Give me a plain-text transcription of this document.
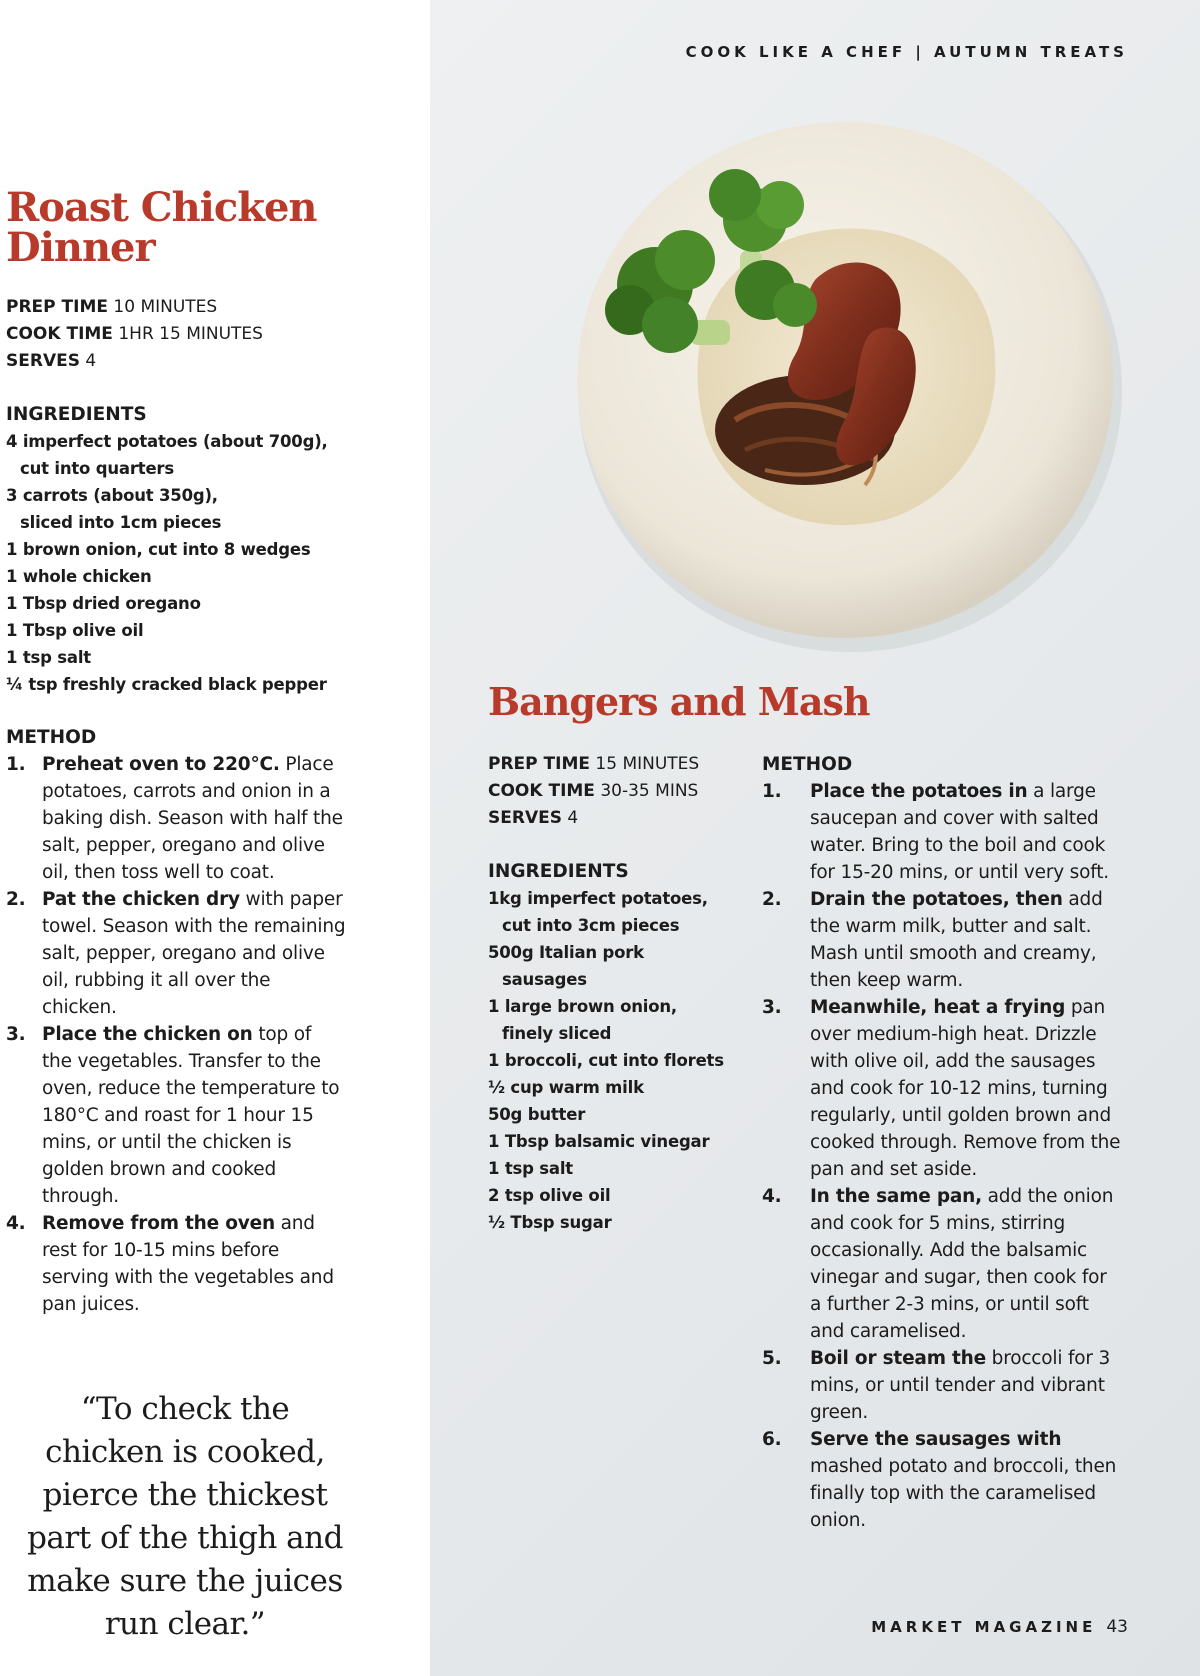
COOK LIKE A CHEF | AUTUMN TREATS
Roast Chicken
Dinner
PREP TIME 10 MINUTES
COOK TIME 1HR 15 MINUTES
SERVES 4
INGREDIENTS
4 imperfect potatoes (about 700g),
cut into quarters
3 carrots (about 350g),
sliced into 1cm pieces
1 brown onion, cut into 8 wedges
1 whole chicken
1 Tbsp dried oregano
1 Tbsp olive oil
1 tsp salt
¼ tsp freshly cracked black pepper
METHOD
1. Preheat oven to 220°C. Place potatoes, carrots and onion in a baking dish. Season with half the salt, pepper, oregano and olive oil, then toss well to coat.
2. Pat the chicken dry with paper towel. Season with the remaining salt, pepper, oregano and olive oil, rubbing it all over the chicken.
3. Place the chicken on top of the vegetables. Transfer to the oven, reduce the temperature to 180°C and roast for 1 hour 15 mins, or until the chicken is golden brown and cooked through.
4. Remove from the oven and rest for 10-15 mins before serving with the vegetables and pan juices.
“To check the chicken is cooked, pierce the thickest part of the thigh and make sure the juices run clear.”
Bangers and Mash
PREP TIME 15 MINUTES
COOK TIME 30-35 MINS
SERVES 4
INGREDIENTS
1kg imperfect potatoes,
cut into 3cm pieces
500g Italian pork
sausages
1 large brown onion,
finely sliced
1 broccoli, cut into florets
½ cup warm milk
50g butter
1 Tbsp balsamic vinegar
1 tsp salt
2 tsp olive oil
½ Tbsp sugar
METHOD
1.	Place the potatoes in a large saucepan and cover with salted water. Bring to the boil and cook for 15-20 mins, or until very soft.
2.	Drain the potatoes, then add the warm milk, butter and salt. Mash until smooth and creamy, then keep warm.
3.	Meanwhile, heat a frying pan over medium-high heat. Drizzle with olive oil, add the sausages and cook for 10-12 mins, turning regularly, until golden brown and cooked through. Remove from the pan and set aside.
4.	In the same pan, add the onion and cook for 5 mins, stirring occasionally. Add the balsamic vinegar and sugar, then cook for a further 2-3 mins, or until soft and caramelised.
5.	Boil or steam the broccoli for 3 mins, or until tender and vibrant green.
6.	Serve the sausages with mashed potato and broccoli, then finally top with the caramelised onion.
MARKET MAGAZINE 43
